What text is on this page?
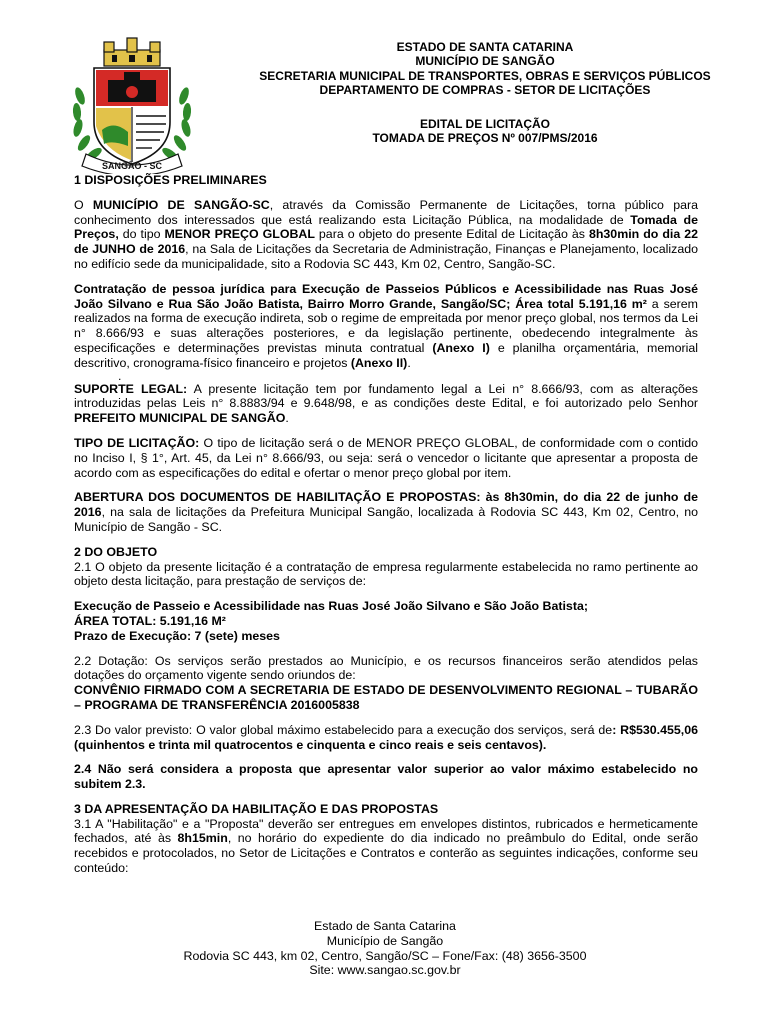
SANGÃO - SC
ESTADO DE SANTA CATARINA
MUNICÍPIO DE SANGÃO
SECRETARIA MUNICIPAL DE TRANSPORTES, OBRAS E SERVIÇOS PÚBLICOS
DEPARTAMENTO DE COMPRAS - SETOR DE LICITAÇÕES
EDITAL DE LICITAÇÃO
TOMADA DE PREÇOS Nº 007/PMS/2016

1 DISPOSIÇÕES PRELIMINARES

O MUNICÍPIO DE SANGÃO-SC, através da Comissão Permanente de Licitações, torna público para conhecimento dos interessados que está realizando esta Licitação Pública, na modalidade de Tomada de Preços, do tipo MENOR PREÇO GLOBAL para o objeto do presente Edital de Licitação às 8h30min do dia 22 de JUNHO de 2016, na Sala de Licitações da Secretaria de Administração, Finanças e Planejamento, localizado no edifício sede da municipalidade, sito a Rodovia SC 443, Km 02, Centro, Sangão-SC.

Contratação de pessoa jurídica para Execução de Passeios Públicos e Acessibilidade nas Ruas José João Silvano e Rua São João Batista, Bairro Morro Grande, Sangão/SC; Área total 5.191,16 m² a serem realizados na forma de execução indireta, sob o regime de empreitada por menor preço global, nos termos da Lei n° 8.666/93 e suas alterações posteriores, e da legislação pertinente, obedecendo integralmente às especificações e determinações previstas minuta contratual (Anexo I) e planilha orçamentária, memorial descritivo, cronograma-físico financeiro e projetos (Anexo II).

.

SUPORTE LEGAL: A presente licitação tem por fundamento legal a Lei n° 8.666/93, com as alterações introduzidas pelas Leis n° 8.8883/94 e 9.648/98, e as condições deste Edital, e foi autorizado pelo Senhor PREFEITO MUNICIPAL DE SANGÃO.

TIPO DE LICITAÇÃO: O tipo de licitação será o de MENOR PREÇO GLOBAL, de conformidade com o contido no Inciso I, § 1°, Art. 45, da Lei n° 8.666/93, ou seja: será o vencedor o licitante que apresentar a proposta de acordo com as especificações do edital e ofertar o menor preço global por item.

ABERTURA DOS DOCUMENTOS DE HABILITAÇÃO E PROPOSTAS: às 8h30min, do dia 22 de junho de 2016, na sala de licitações da Prefeitura Municipal Sangão, localizada à Rodovia SC 443, Km 02, Centro, no Município de Sangão - SC.

2 DO OBJETO

2.1 O objeto da presente licitação é a contratação de empresa regularmente estabelecida no ramo pertinente ao objeto desta licitação, para prestação de serviços de:

Execução de Passeio e Acessibilidade nas Ruas José João Silvano e São João Batista;

ÁREA TOTAL: 5.191,16 M²

Prazo de Execução: 7 (sete) meses

2.2 Dotação: Os serviços serão prestados ao Município, e os recursos financeiros serão atendidos pelas dotações do orçamento vigente sendo oriundos de:

CONVÊNIO FIRMADO COM A SECRETARIA DE ESTADO DE DESENVOLVIMENTO REGIONAL – TUBARÃO – PROGRAMA DE TRANSFERÊNCIA 2016005838

2.3 Do valor previsto: O valor global máximo estabelecido para a execução dos serviços, será de: R$530.455,06 (quinhentos e trinta mil quatrocentos e cinquenta e cinco reais e seis centavos).

2.4 Não será considera a proposta que apresentar valor superior ao valor máximo estabelecido no subitem 2.3.

3 DA APRESENTAÇÃO DA HABILITAÇÃO E DAS PROPOSTAS

3.1 A "Habilitação" e a "Proposta" deverão ser entregues em envelopes distintos, rubricados e hermeticamente fechados, até às 8h15min, no horário do expediente do dia indicado no preâmbulo do Edital, onde serão recebidos e protocolados, no Setor de Licitações e Contratos e conterão as seguintes indicações, conforme seu conteúdo:

Estado de Santa Catarina
Município de Sangão
Rodovia SC 443, km 02, Centro, Sangão/SC – Fone/Fax: (48) 3656-3500
Site: www.sangao.sc.gov.br
